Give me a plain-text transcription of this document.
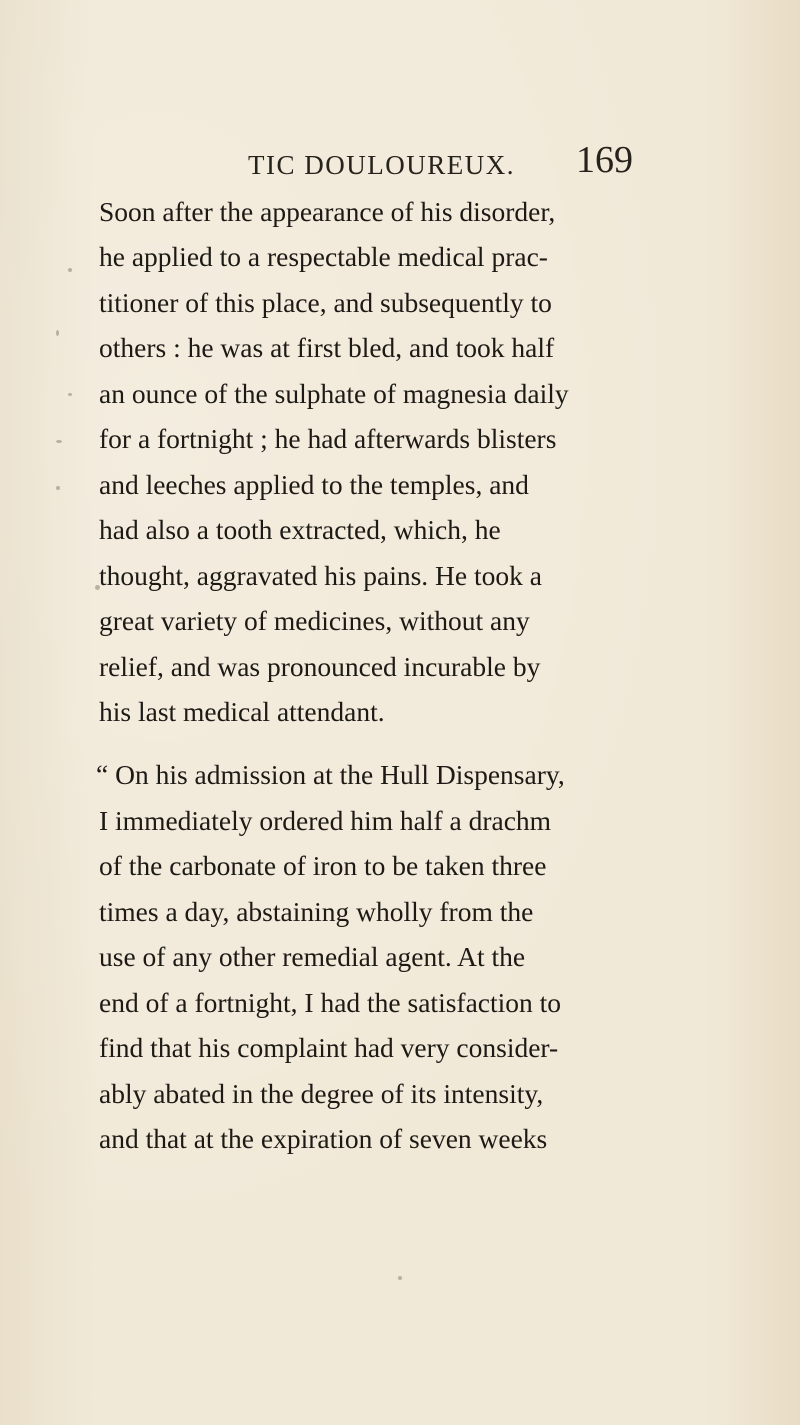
TIC DOULOUREUX. 169
Soon after the appearance of his disorder,
he applied to a respectable medical prac-
titioner of this place, and subsequently to
others : he was at first bled, and took half
an ounce of the sulphate of magnesia daily
for a fortnight ; he had afterwards blisters
and leeches applied to the temples, and
had also a tooth extracted, which, he
thought, aggravated his pains. He took a
great variety of medicines, without any
relief, and was pronounced incurable by
his last medical attendant.
“ On his admission at the Hull Dispensary,
I immediately ordered him half a drachm
of the carbonate of iron to be taken three
times a day, abstaining wholly from the
use of any other remedial agent. At the
end of a fortnight, I had the satisfaction to
find that his complaint had very consider-
ably abated in the degree of its intensity,
and that at the expiration of seven weeks
